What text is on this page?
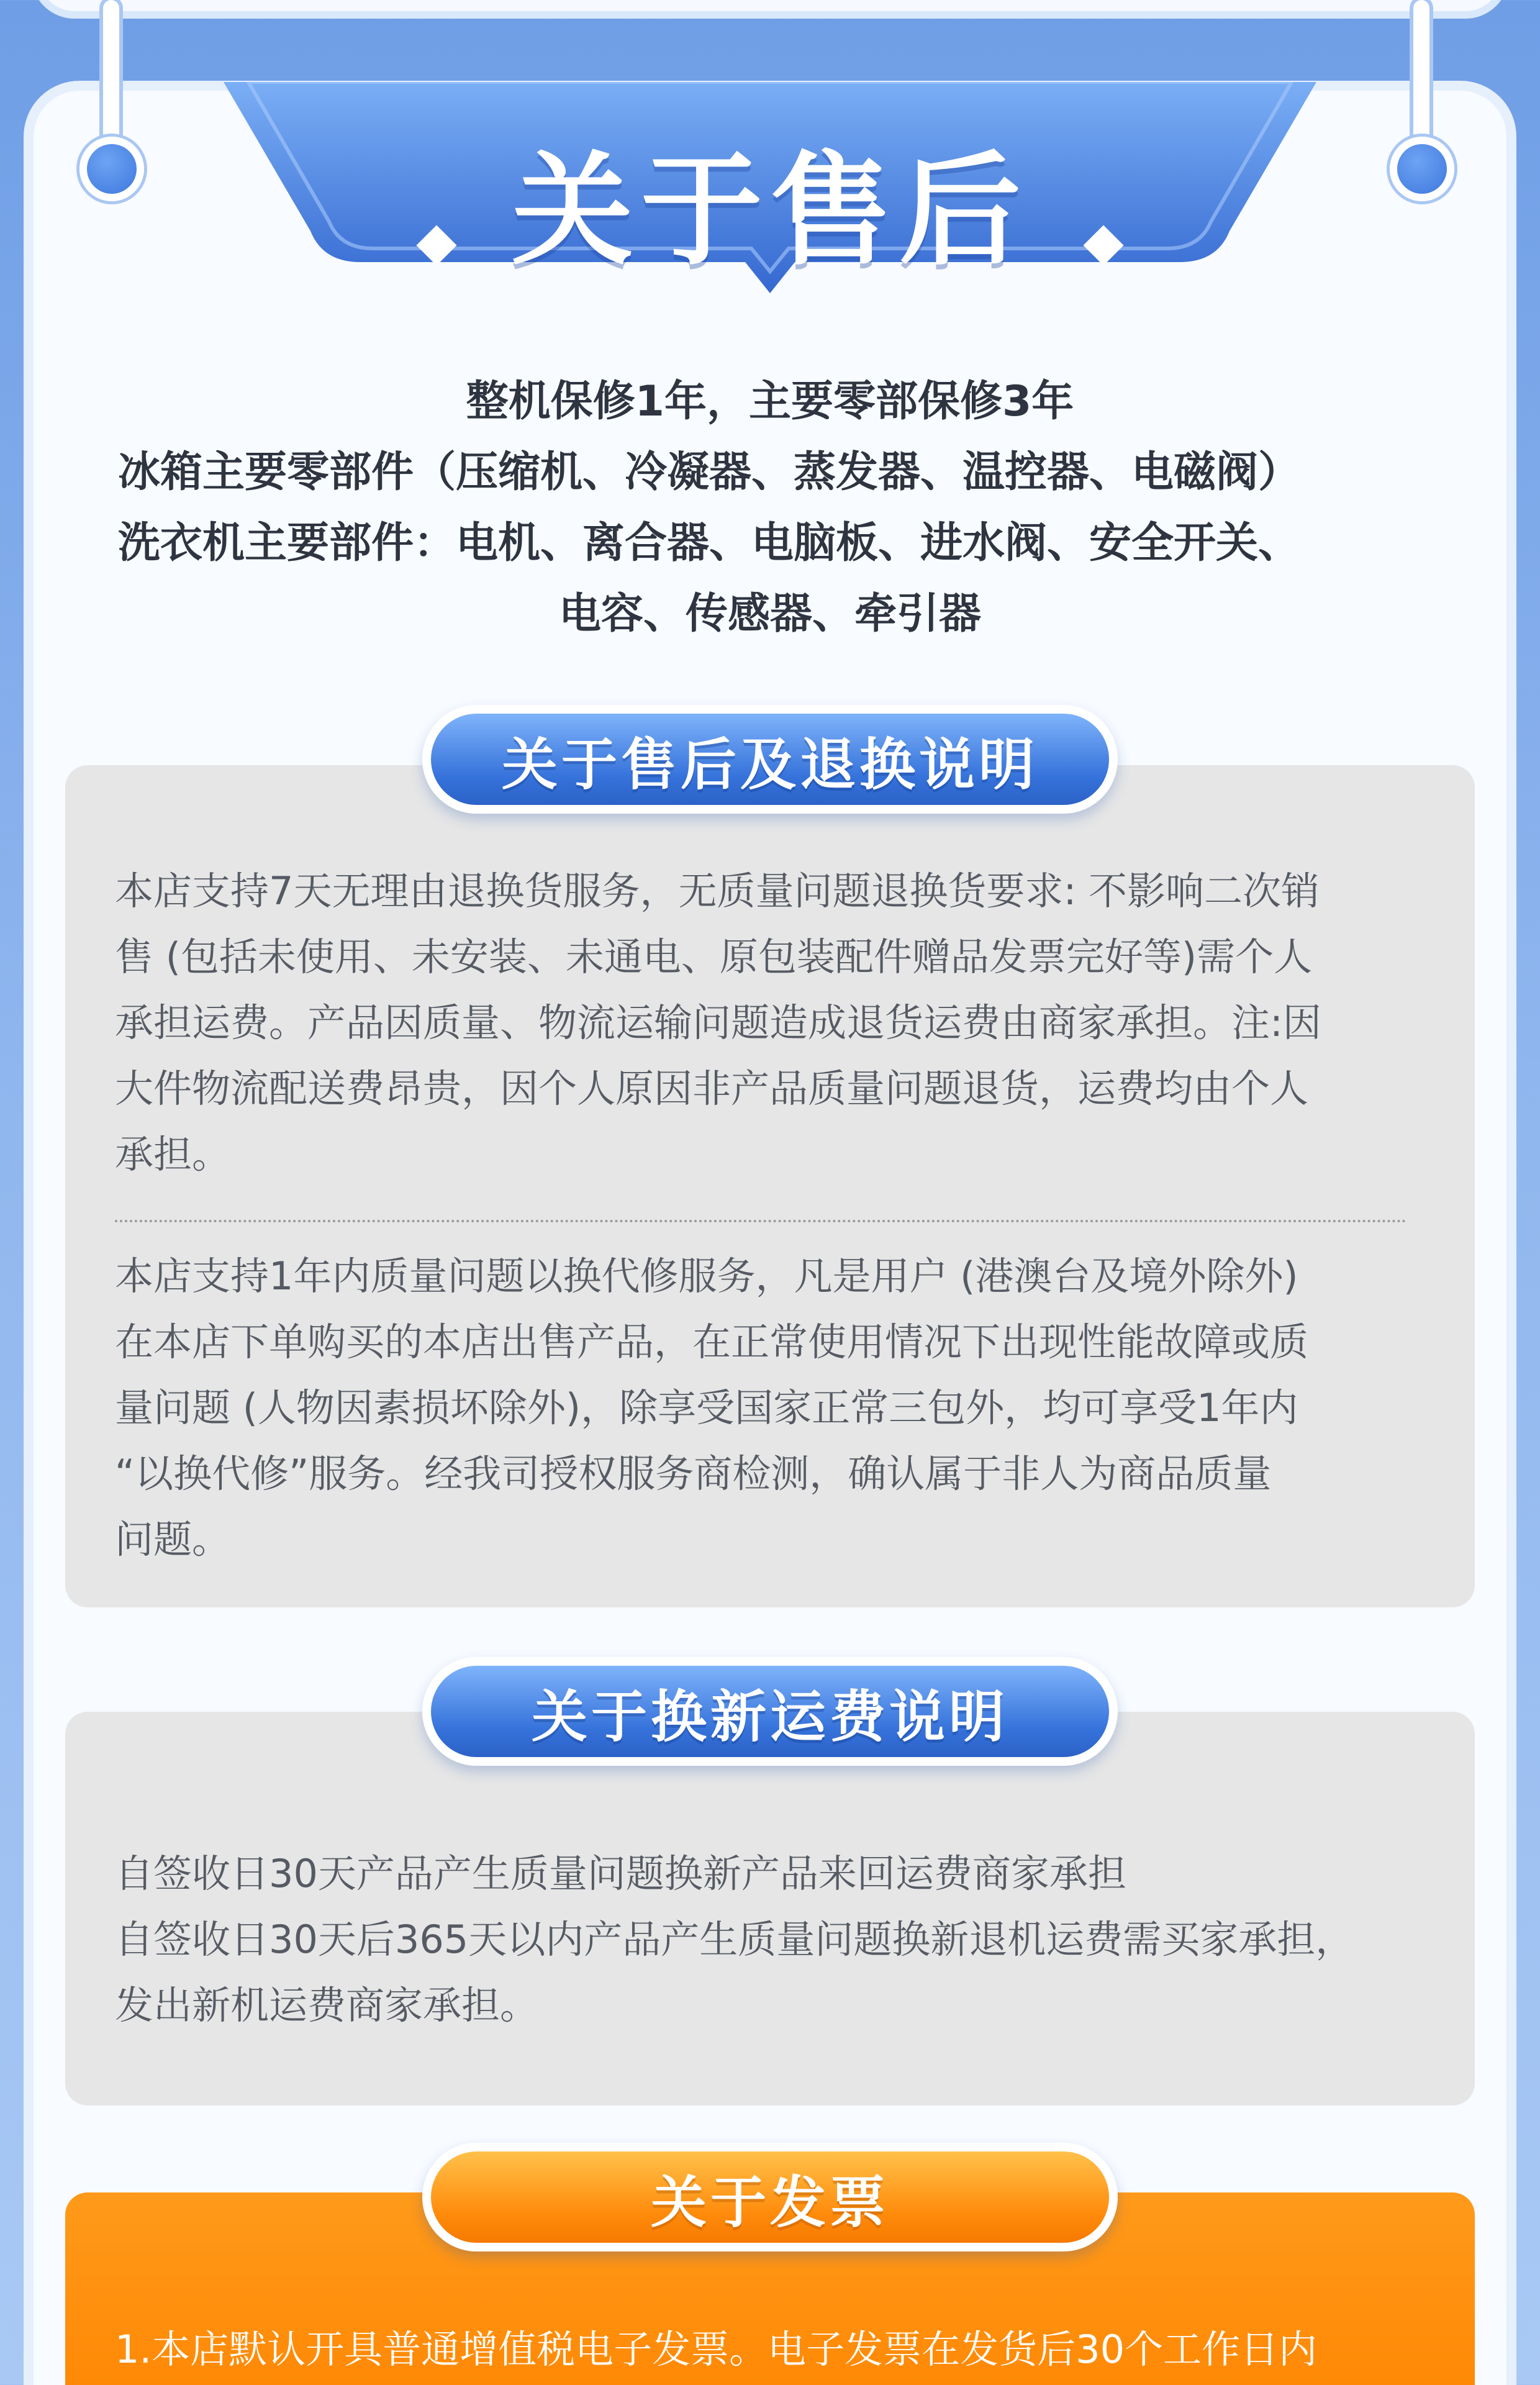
关于售后
整机保修1年，主要零部保修3年
冰箱主要零部件（压缩机、冷凝器、蒸发器、温控器、电磁阀）
洗衣机主要部件：电机、离合器、电脑板、进水阀、安全开关、
电容、传感器、牵引器
关于售后及退换说明
本店支持7天无理由退换货服务，无质量问题退换货要求: 不影响二次销
售 (包括未使用、未安装、未通电、原包装配件赠品发票完好等)需个人
承担运费。产品因质量、物流运输问题造成退货运费由商家承担。注:因
大件物流配送费昂贵，因个人原因非产品质量问题退货，运费均由个人
承担。
本店支持1年内质量问题以换代修服务，凡是用户 (港澳台及境外除外)
在本店下单购买的本店出售产品，在正常使用情况下出现性能故障或质
量问题 (人物因素损坏除外)，除享受国家正常三包外，均可享受1年内
“以换代修”服务。经我司授权服务商检测，确认属于非人为商品质量
问题。
关于换新运费说明
自签收日30天产品产生质量问题换新产品来回运费商家承担
自签收日30天后365天以内产品产生质量问题换新退机运费需买家承担，
发出新机运费商家承担。
1.本店默认开具普通增值税电子发票。电子发票在发货后30个工作日内
关于发票
